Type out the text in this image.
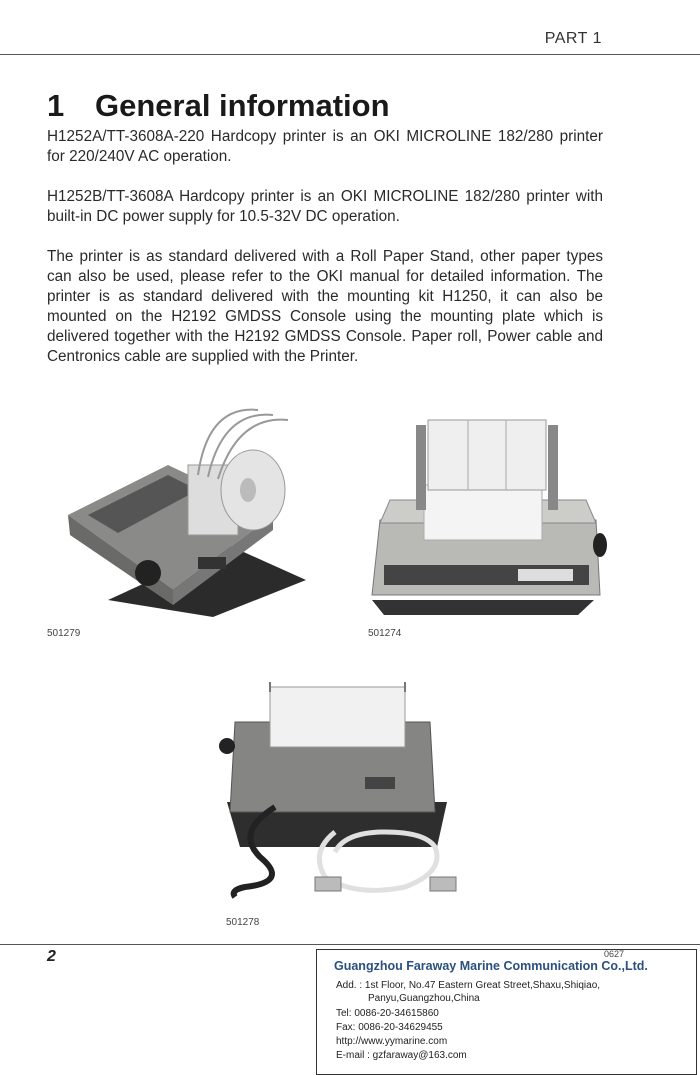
PART 1
1 General information

H1252A/TT-3608A-220 Hardcopy printer is an OKI MICROLINE 182/280 printer for 220/240V AC operation.

H1252B/TT-3608A Hardcopy printer is an OKI MICROLINE 182/280 printer with built-in DC power supply for 10.5-32V DC operation.

The printer is as standard delivered with a Roll Paper Stand, other paper types can also be used, please refer to the OKI manual for detailed information. The printer is as standard delivered with the mounting kit H1250, it can also be mounted on the H2192 GMDSS Console using the mounting plate which is delivered together with the H2192 GMDSS Console. Paper roll, Power cable and Centronics cable are supplied with the Printer.

501279	501274
501278
2	0627
Guangzhou Faraway Marine Communication Co.,Ltd.
Add. : 1st Floor, No.47 Eastern Great Street,Shaxu,Shiqiao,
Panyu,Guangzhou,China
Tel: 0086-20-34615860
Fax: 0086-20-34629455
http://www.yymarine.com
E-mail : gzfaraway@163.com
